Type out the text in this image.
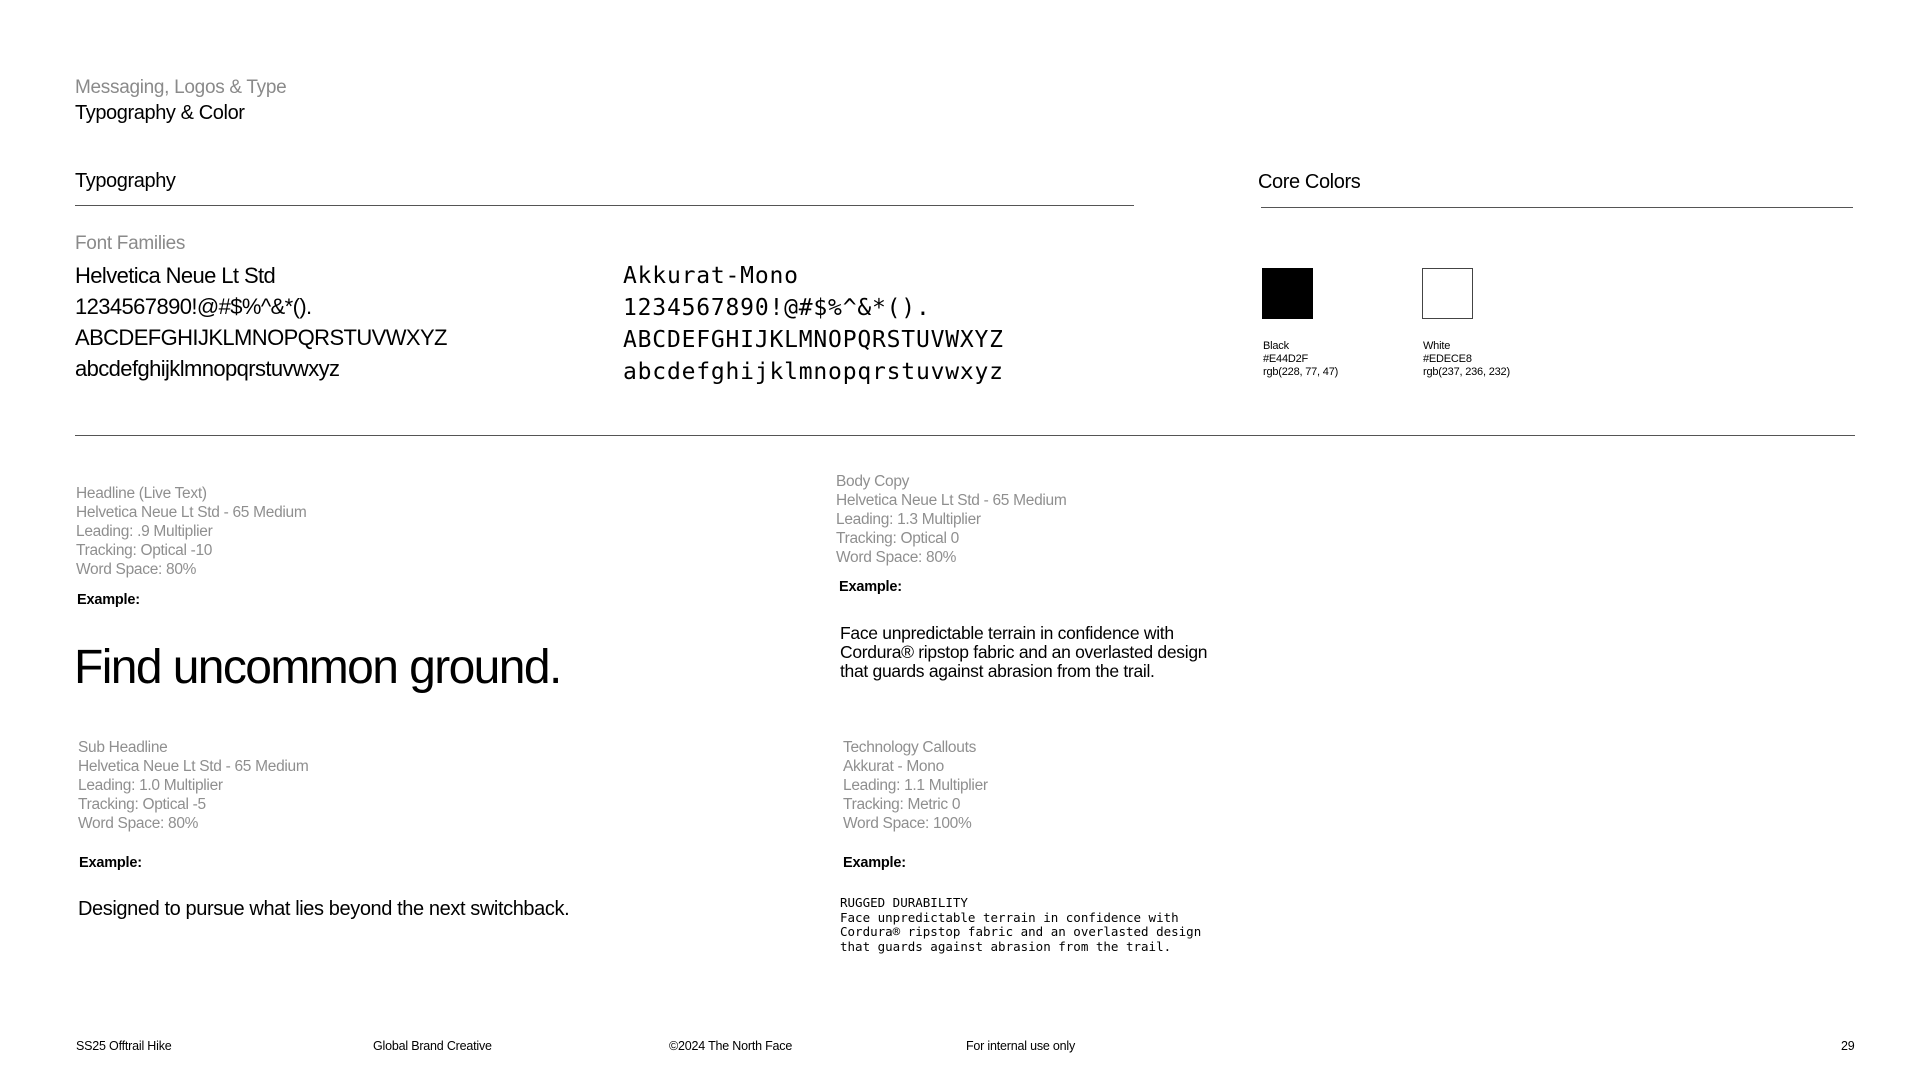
Messaging, Logos & Type
Typography & Color
Typography	Core Colors
Font Families
Helvetica Neue Lt Std
1234567890!@#$%^&*().
ABCDEFGHIJKLMNOPQRSTUVWXYZ
abcdefghijklmnopqrstuvwxyz
Akkurat-Mono
1234567890!@#$%^&*().
ABCDEFGHIJKLMNOPQRSTUVWXYZ
abcdefghijklmnopqrstuvwxyz
Black
#E44D2F
rgb(228, 77, 47)
White
#EDECE8
rgb(237, 236, 232)
Headline (Live Text)
Helvetica Neue Lt Std - 65 Medium
Leading: .9 Multiplier
Tracking: Optical -10
Word Space: 80%
Example:
Find uncommon ground.
Body Copy
Helvetica Neue Lt Std - 65 Medium
Leading: 1.3 Multiplier
Tracking: Optical 0
Word Space: 80%
Example:
Face unpredictable terrain in confidence with
Cordura® ripstop fabric and an overlasted design
that guards against abrasion from the trail.
Sub Headline
Helvetica Neue Lt Std - 65 Medium
Leading: 1.0 Multiplier
Tracking: Optical -5
Word Space: 80%
Example:
Designed to pursue what lies beyond the next switchback.
Technology Callouts
Akkurat - Mono
Leading: 1.1 Multiplier
Tracking: Metric 0
Word Space: 100%
Example:
RUGGED DURABILITY
Face unpredictable terrain in confidence with
Cordura® ripstop fabric and an overlasted design
that guards against abrasion from the trail.
SS25 Offtrail Hike	Global Brand Creative	©2024 The North Face	For internal use only	29
